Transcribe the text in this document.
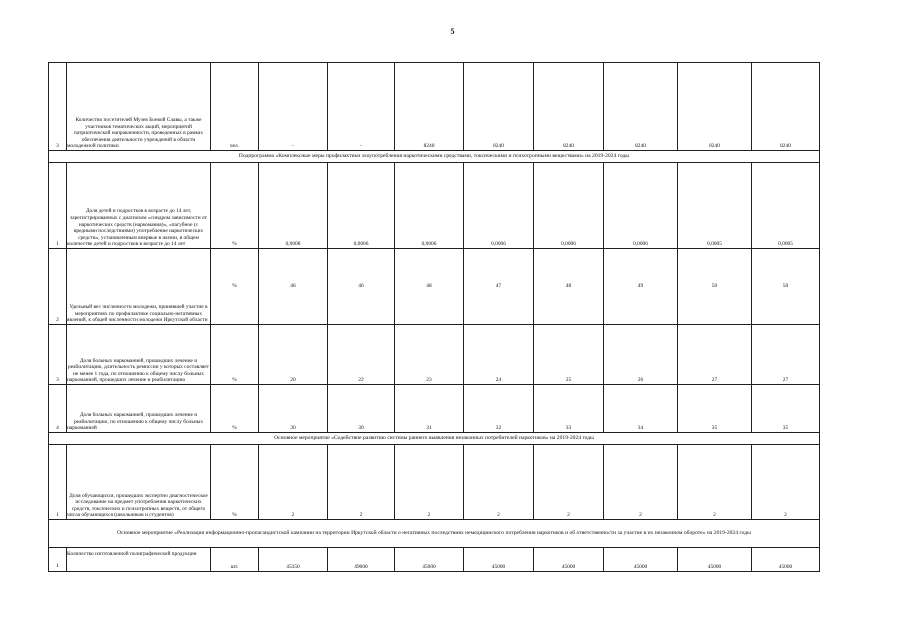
5
3	Количество посетителей Музея Боевой Славы, а также участников тематических акций, мероприятий патриотической направленности, проведенных в рамках обеспечения деятельности учреждений в области молодежной политики	чел.	-	-	8240	8240	8240	8240	8240	8240
Подпрограмма «Комплексные меры профилактики злоупотребления наркотическими средствами, токсическими и психотропными веществами» на 2019-2024 годы										
1	Доля детей и подростков в возрасте до 14 лет, зарегистрированных с диагнозом «синдром зависимости от наркотических средств (наркомания)», «пагубное (с вредными последствиями) употребление наркотических средств», установленным впервые в жизни, в общем количестве детей и подростков в возрасте до 14 лет	%	0,0008	0,0006	0,0006	0,0006	0,0006	0,0006	0,0005	0,0005
2	Удельный вес численности молодежи, принявшей участие в мероприятиях по профилактике социально-негативных явлений, к общей численности молодежи Иркутской области	%	46	46	48	47	48	49	50	50
3	Доля больных наркоманией, прошедших лечение и реабилитацию, длительность ремиссии у которых составляет не менее 1 года, по отношению к общему числу больных наркоманией, прошедших лечение и реабилитацию	%	20	22	23	24	25	26	27	27
4	Доля больных наркоманией, прошедших лечение и реабилитацию, по отношению к общему числу больных наркоманией	%	30	30	31	32	33	34	35	35
Основное мероприятие «Содействие развитию системы раннего выявления незаконных потребителей наркотиков» на 2019-2024 годы										
1	Доля обучающихся, прошедших экспертно диагностическое исследование на предмет употребления наркотических средств, токсических и психотропных веществ, от общего числа обучающихся (школьников и студентов)	%	2	2	2	2	2	2	2	2
Основное мероприятие «Реализация информационно-пропагандистской кампании на территории Иркутской области о негативных последствиях немедицинского потребления наркотиков и об ответственности за участие в их незаконном обороте» на 2019-2024 годы										
1	Количество изготовленной полиграфической продукции	шт.	45350	49000	45000	45000	45000	45000	45000	45000
